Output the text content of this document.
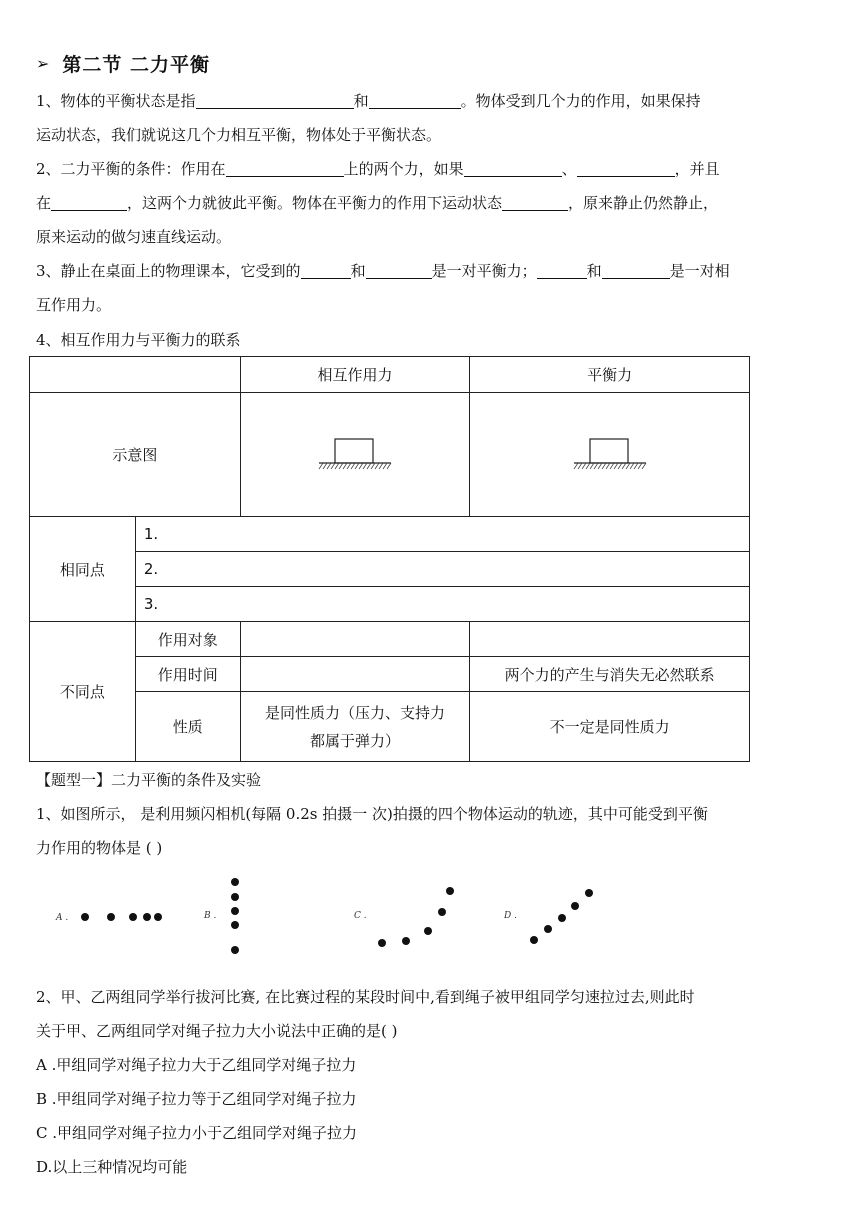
➢ 第二节 二力平衡
1、物体的平衡状态是指	和	。物体受到几个力的作用，如果保持
运动状态，我们就说这几个力相互平衡，物体处于平衡状态。
2、二力平衡的条件：作用在	上的两个力，如果	、	，并且
在	，这两个力就彼此平衡。物体在平衡力的作用下运动状态	，原来静止仍然静止，
原来运动的做匀速直线运动。
3、静止在桌面上的物理课本，它受到的	和	是一对平衡力；	和	是一对相
互作用力。
4、相互作用力与平衡力的联系
		相互作用力	平衡力
示意图	

相同点	1.		
	2.		
	3.		
不同点	作用对象		
	作用时间		两个力的产生与消失无必然联系
	性质	是同性质力（压力、支持力
都属于弹力）	不一定是同性质力
【题型一】二力平衡的条件及实验
1、如图所示， 是利用频闪相机(每隔 0.2s 拍摄一 次)拍摄的四个物体运动的轨迹，其中可能受到平衡
力作用的物体是 ( )
A .	B .	C .	D .
2、甲、乙两组同学举行拔河比赛, 在比赛过程的某段时间中,看到绳子被甲组同学匀速拉过去,则此时
关于甲、乙两组同学对绳子拉力大小说法中正确的是( )
A .甲组同学对绳子拉力大于乙组同学对绳子拉力
B .甲组同学对绳子拉力等于乙组同学对绳子拉力
C .甲组同学对绳子拉力小于乙组同学对绳子拉力
D.以上三种情况均可能
